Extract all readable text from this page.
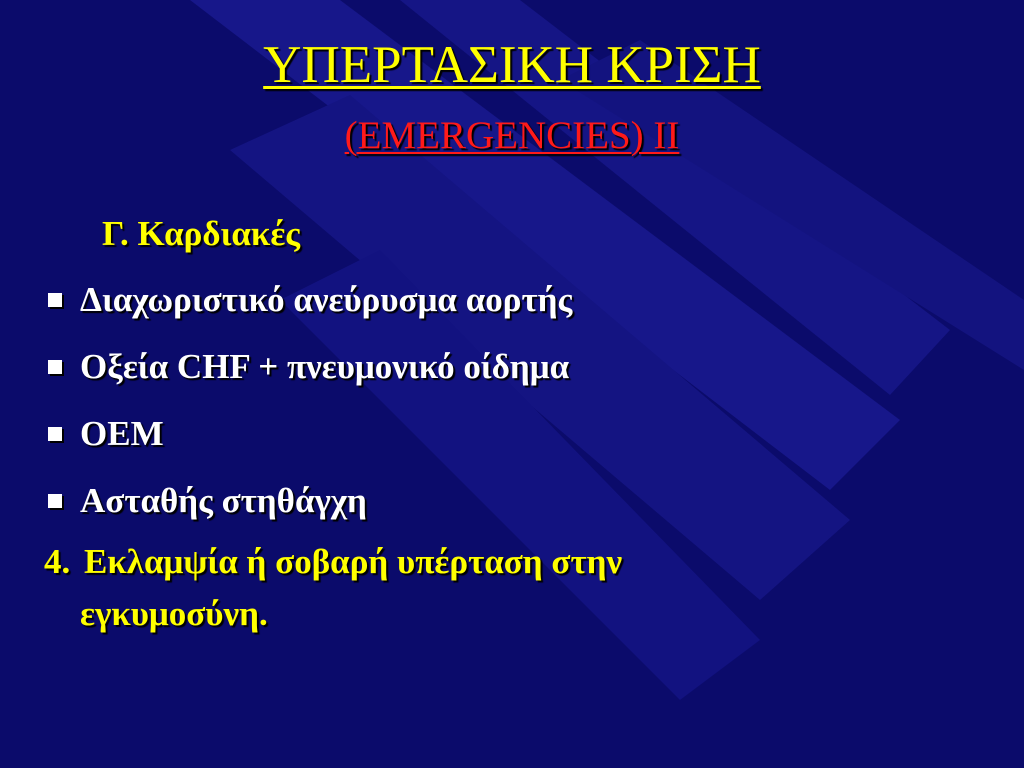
ΥΠΕΡΤΑΣΙΚΗ ΚΡΙΣΗ
(EMERGENCIES) II
Γ. Καρδιακές
Διαχωριστικό ανεύρυσμα αορτής
Οξεία CHF + πνευμονικό οίδημα
ΟΕΜ
Ασταθής στηθάγχη
4. Εκλαμψία ή σοβαρή υπέρταση στην
εγκυμοσύνη.
